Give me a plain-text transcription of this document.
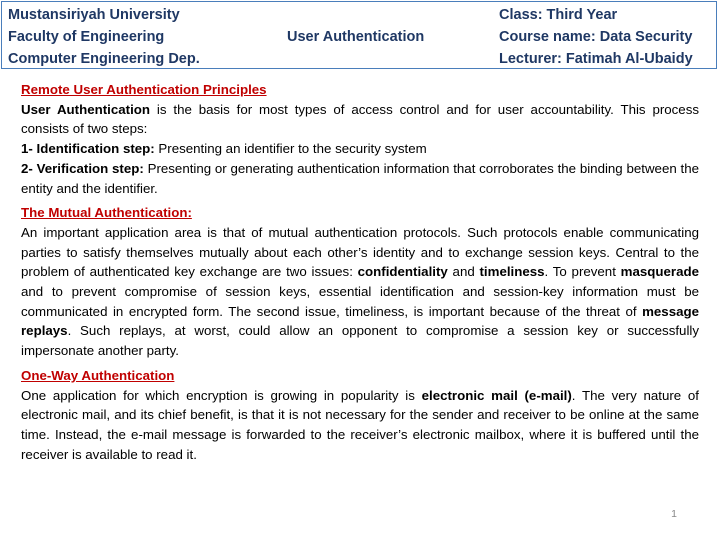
Mustansiriyah University
Faculty of Engineering
Computer Engineering Dep.
User Authentication
Class: Third Year
Course name: Data Security
Lecturer: Fatimah Al-Ubaidy

Remote User Authentication Principles

User Authentication is the basis for most types of access control and for user accountability. This process consists of two steps:

1- Identification step: Presenting an identifier to the security system

2- Verification step: Presenting or generating authentication information that corroborates the binding between the entity and the identifier.

The Mutual Authentication:

An important application area is that of mutual authentication protocols. Such protocols enable communicating parties to satisfy themselves mutually about each other’s identity and to exchange session keys. Central to the problem of authenticated key exchange are two issues: confidentiality and timeliness. To prevent masquerade and to prevent compromise of session keys, essential identification and session-key information must be communicated in encrypted form. The second issue, timeliness, is important because of the threat of message replays. Such replays, at worst, could allow an opponent to compromise a session key or successfully impersonate another party.

One-Way Authentication

One application for which encryption is growing in popularity is electronic mail (e-mail). The very nature of electronic mail, and its chief benefit, is that it is not necessary for the sender and receiver to be online at the same time. Instead, the e-mail message is forwarded to the receiver’s electronic mailbox, where it is buffered until the receiver is available to read it.

1
